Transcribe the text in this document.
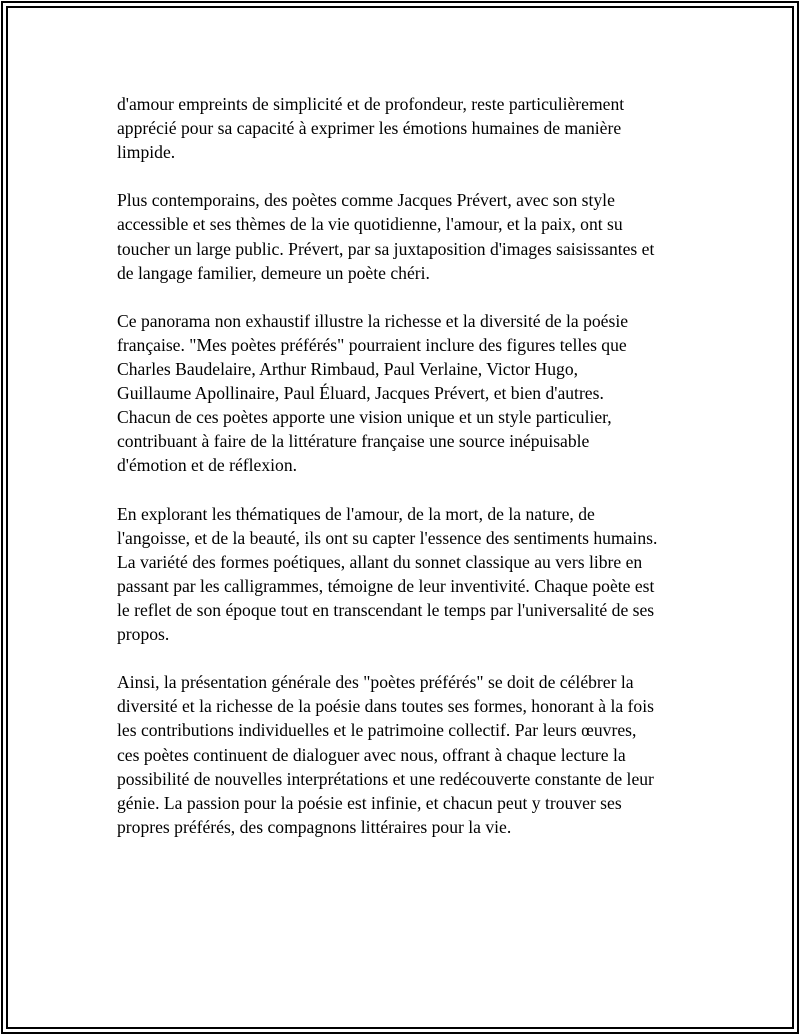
d'amour empreints de simplicité et de profondeur, reste particulièrement
apprécié pour sa capacité à exprimer les émotions humaines de manière
limpide.

Plus contemporains, des poètes comme Jacques Prévert, avec son style
accessible et ses thèmes de la vie quotidienne, l'amour, et la paix, ont su
toucher un large public. Prévert, par sa juxtaposition d'images saisissantes et
de langage familier, demeure un poète chéri.

Ce panorama non exhaustif illustre la richesse et la diversité de la poésie
française. "Mes poètes préférés" pourraient inclure des figures telles que
Charles Baudelaire, Arthur Rimbaud, Paul Verlaine, Victor Hugo,
Guillaume Apollinaire, Paul Éluard, Jacques Prévert, et bien d'autres.
Chacun de ces poètes apporte une vision unique et un style particulier,
contribuant à faire de la littérature française une source inépuisable
d'émotion et de réflexion.

En explorant les thématiques de l'amour, de la mort, de la nature, de
l'angoisse, et de la beauté, ils ont su capter l'essence des sentiments humains.
La variété des formes poétiques, allant du sonnet classique au vers libre en
passant par les calligrammes, témoigne de leur inventivité. Chaque poète est
le reflet de son époque tout en transcendant le temps par l'universalité de ses
propos.

Ainsi, la présentation générale des "poètes préférés" se doit de célébrer la
diversité et la richesse de la poésie dans toutes ses formes, honorant à la fois
les contributions individuelles et le patrimoine collectif. Par leurs œuvres,
ces poètes continuent de dialoguer avec nous, offrant à chaque lecture la
possibilité de nouvelles interprétations et une redécouverte constante de leur
génie. La passion pour la poésie est infinie, et chacun peut y trouver ses
propres préférés, des compagnons littéraires pour la vie.
